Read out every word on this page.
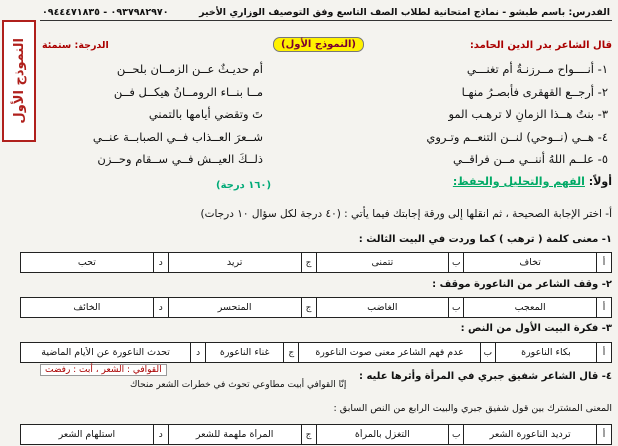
الفدرس: باسم طبشو - نماذج امتحانية لطلاب الصف التاسع وفق التوصيف الوزاري الأخير
٠٩٣٧٩٨٢٩٧٠ - ٠٩٤٤٤٧١٨٣٥
النموذج الأول	(النموذج الأول)	قال الشاعر بدر الدين الحامد:
الدرجة: ستمئة
١- أنــــواح مــرزنـةٌ أم تغنـــي
أم حديـثٌ عــن الزمــان بلحــن
٢- أرجــع القهقرى فأبصـرُ منهـا
مــا بنــاء الرومــانُ هيكــل فــن
٣- بنتُ هــذا الزمانِ لا ترهـب المو
تَ وتقضي أيامها بالتمني
٤- هــي (نــوحي) لنــن التنعــم وتـروي
شــعرَ العــذاب فــي الصبابــة عنــي
٥- علــم اللهُ أننــي مــن فراقــي
ذلــكَ العيــش فــي ســقام وحــزن
أولاً: الفهم والتحليل والحفظ:
(١٦٠ درجة)
أ- اختر الإجابة الصحيحة ، ثم انقلها إلى ورقة إجابتك فيما يأتي : (٤٠ درجة لكل سؤال ١٠ درجات)
١- معنى كلمة ( ترهب ) كما وردت في البيت الثالث :
أ
تخاف
ب
تتمنى
ج
تريد
د
تحب
٢- وقف الشاعر من الناعورة موقف :
أ
المعجب
ب
الغاضب
ج
المتحسر
د
الخائف
٣- فكرة البيت الأول من النص :
أ
بكاء الناعورة
ب
عدم فهم الشاعر معنى صوت الناعورة
ج
غناء الناعورة
د
تحدث الناعورة عن الأيام الماضية
٤- قال الشاعر شفيق جبري في المرأة وأثرها عليه :
إنّا القوافي أبيت مطاوعي تحوث في خطرات الشعر منحاك
القوافي : الشعر ، أبت : رفضت
المعنى المشترك بين قول شفيق جبري والبيت الرابع من النص السابق :
أ
ترديد الناعورة الشعر
ب
التغزل بالمرأة
ج
المرأة ملهمة للشعر
د
استلهام الشعر
